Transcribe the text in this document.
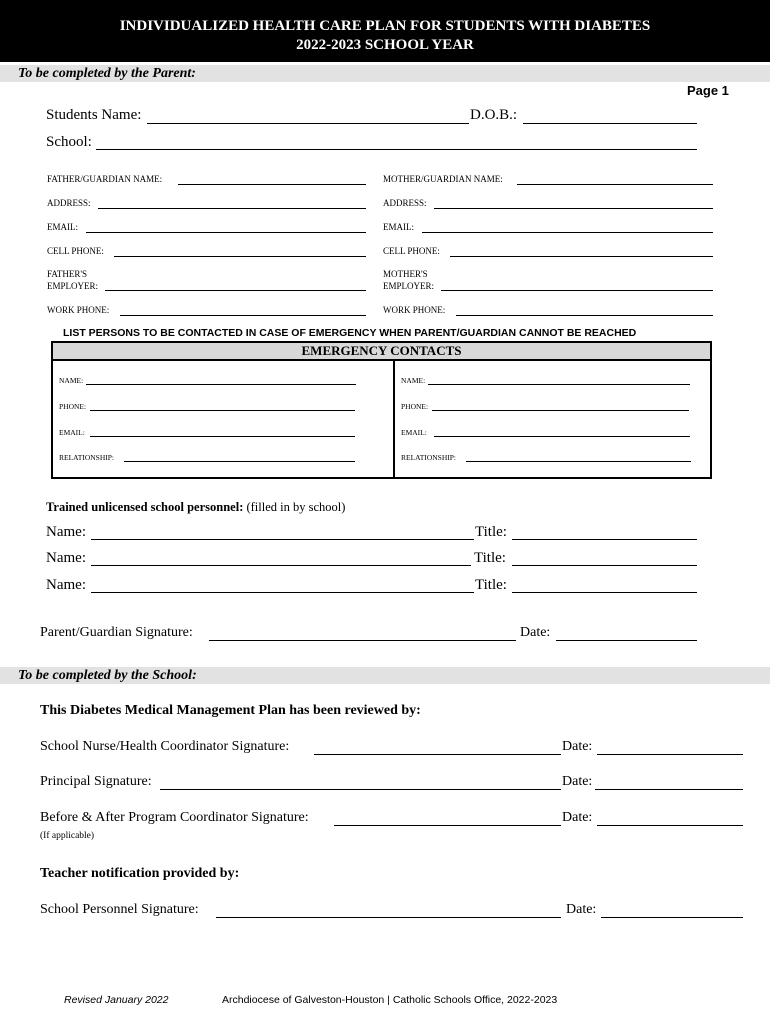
INDIVIDUALIZED HEALTH CARE PLAN FOR STUDENTS WITH DIABETES
2022-2023 SCHOOL YEAR
To be completed by the Parent:
Page 1
Students Name:	D.O.B.:
School:
FATHER/GUARDIAN NAME:
ADDRESS:
EMAIL:
CELL PHONE:
FATHER'S
EMPLOYER:
WORK PHONE:
MOTHER/GUARDIAN NAME:
ADDRESS:
EMAIL:
CELL PHONE:
MOTHER'S
EMPLOYER:
WORK PHONE:
LIST PERSONS TO BE CONTACTED IN CASE OF EMERGENCY WHEN PARENT/GUARDIAN CANNOT BE REACHED
EMERGENCY CONTACTS
NAME:
PHONE:
EMAIL:
RELATIONSHIP:
NAME:
PHONE:
EMAIL:
RELATIONSHIP:
Trained unlicensed school personnel: (filled in by school)
Name:	Title:
Name:	Title:
Name:	Title:
Parent/Guardian Signature:	Date:
To be completed by the School:
This Diabetes Medical Management Plan has been reviewed by:
School Nurse/Health Coordinator Signature:	Date:
Principal Signature:	Date:
Before & After Program Coordinator Signature:	Date:
(If applicable)
Teacher notification provided by:
School Personnel Signature:	Date:
Revised January 2022	Archdiocese of Galveston-Houston | Catholic Schools Office, 2022-2023
